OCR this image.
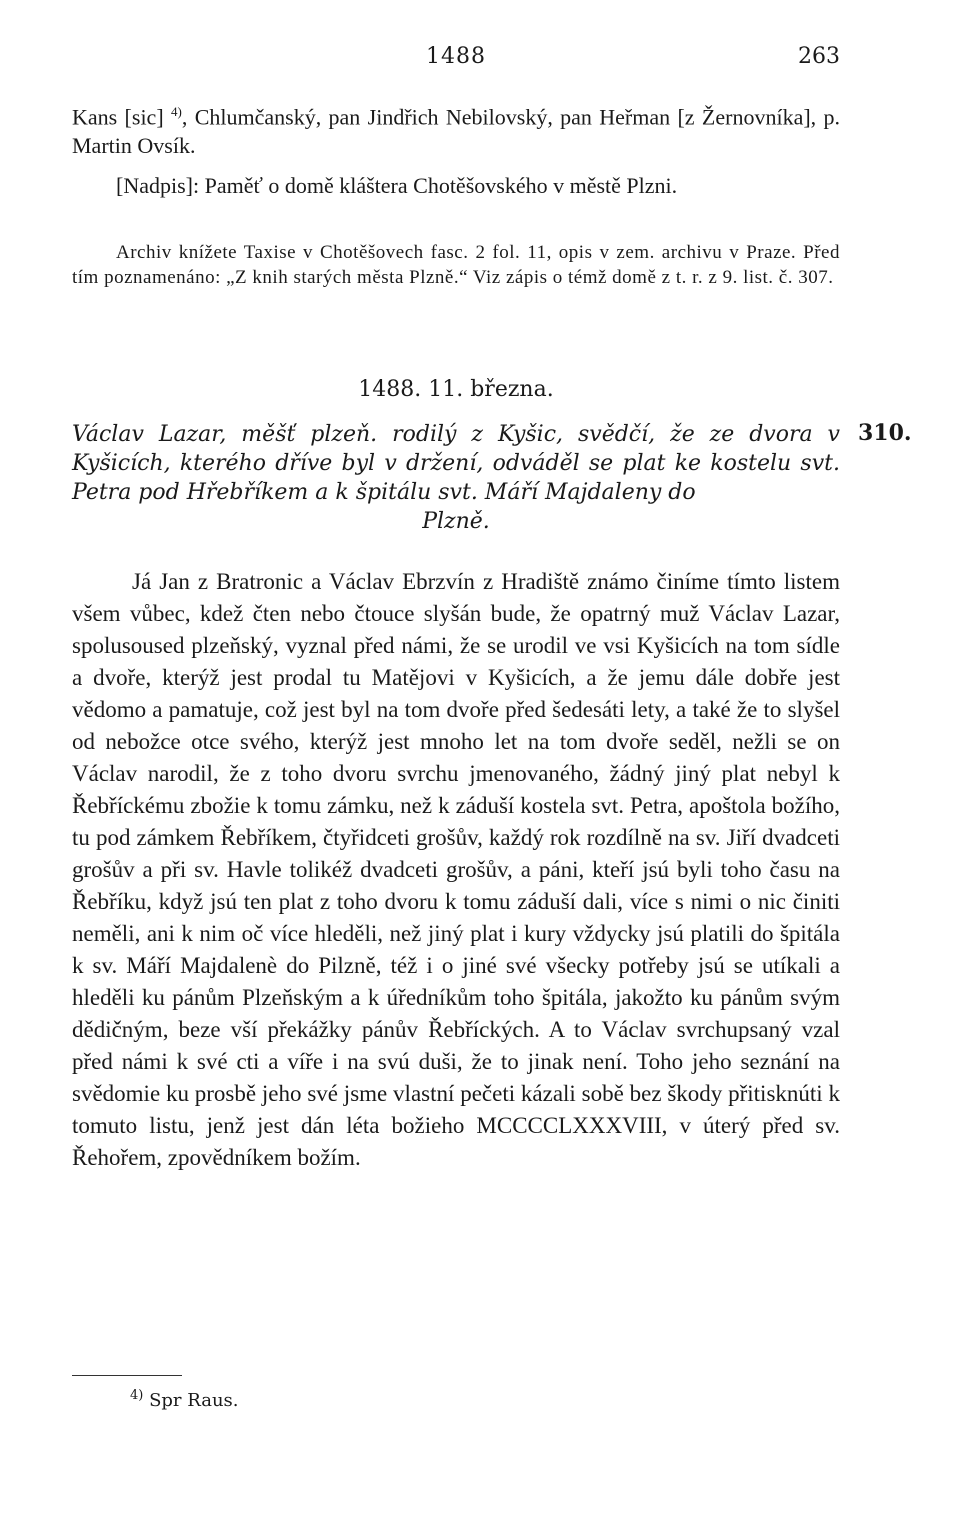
1488	263

Kans [sic] $^{4)}$, Chlumčanský, pan Jindřich Nebilovský, pan Heřman [z Žernovníka], p. Martin Ovsík.

[Nadpis]: Paměť o domě kláštera Chotěšovského v městě Plzni.

Archiv knížete Taxise v Chotěšovech fasc. 2 fol. 11, opis v zem. archivu v Praze. Před tím poznamenáno: „Z knih starých města Plzně.“ Viz zápis o témž domě z t. r. z 9. list. č. 307.

1488. 11. března.
Václav Lazar, měšť plzeň. rodilý z Kyšic, svědčí, že ze dvora v Kyšicích, kterého dříve byl v držení, odváděl se plat ke kostelu svt. Petra pod Hřebříkem a k špitálu svt. Máří Majdaleny do
Plzně.
310.

Já Jan z Bratronic a Václav Ebrzvín z Hradiště známo činíme tímto listem všem vůbec, kdež čten nebo čtouce slyšán bude, že opatrný muž Václav Lazar, spolusoused plzeňský, vyznal před námi, že se urodil ve vsi Kyšicích na tom sídle a dvoře, kterýž jest prodal tu Matějovi v Kyšicích, a že jemu dále dobře jest vědomo a pamatuje, což jest byl na tom dvoře před šedesáti lety, a také že to slyšel od nebožce otce svého, kterýž jest mnoho let na tom dvoře seděl, nežli se on Václav narodil, že z toho dvoru svrchu jmenovaného, žádný jiný plat nebyl k Řebříckému zbožie k tomu zámku, než k záduší kostela svt. Petra, apoštola božího, tu pod zámkem Řebříkem, čtyřidceti grošův, každý rok rozdílně na sv. Jiří dvadceti grošův a při sv. Havle tolikéž dvadceti grošův, a páni, kteří jsú byli toho času na Řebříku, když jsú ten plat z toho dvoru k tomu záduší dali, více s nimi o nic činiti neměli, ani k nim oč více hleděli, než jiný plat i kury vždycky jsú platili do špitála k sv. Máří Majdalenè do Pilzně, též i o jiné své všecky potřeby jsú se utíkali a hleděli ku pánům Plzeňským a k úředníkům toho špitála, jakožto ku pánům svým dědičným, beze vší překážky pánův Řebříckých. A to Václav svrchupsaný vzal před námi k své cti a víře i na svú duši, že to jinak není. Toho jeho seznání na svědomie ku prosbě jeho své jsme vlastní pečeti kázali sobě bez škody přitisknúti k tomuto listu, jenž jest dán léta božieho MCCCCLXXXVIII, v úterý před sv. Řehořem, zpovědníkem božím.

$^{4)}$ Spr Raus.
